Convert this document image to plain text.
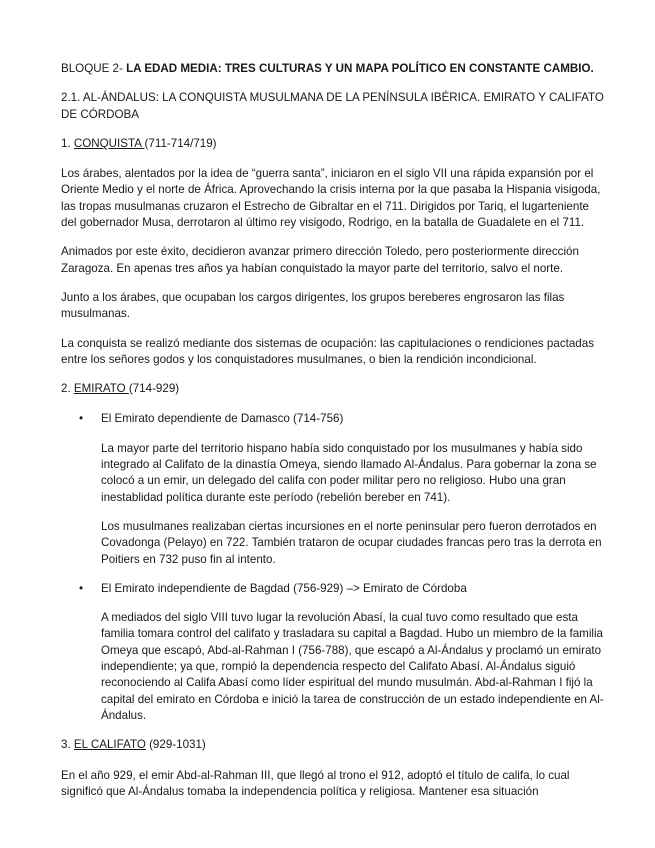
BLOQUE 2- LA EDAD MEDIA: TRES CULTURAS Y UN MAPA POLÍTICO EN CONSTANTE CAMBIO.

2.1. AL-ÁNDALUS: LA CONQUISTA MUSULMANA DE LA PENÍNSULA IBÉRICA. EMIRATO Y CALIFATO DE CÓRDOBA

1. CONQUISTA (711-714/719)

Los árabes, alentados por la idea de “guerra santa”, iniciaron en el siglo VII una rápida expansión por el Oriente Medio y el norte de África. Aprovechando la crisis interna por la que pasaba la Hispania visigoda, las tropas musulmanas cruzaron el Estrecho de Gibraltar en el 711. Dirigidos por Tariq, el lugarteniente del gobernador Musa, derrotaron al último rey visigodo, Rodrigo, en la batalla de Guadalete en el 711.

Animados por este éxito, decidieron avanzar primero dirección Toledo, pero posteriormente dirección Zaragoza. En apenas tres años ya habían conquistado la mayor parte del territorio, salvo el norte.

Junto a los árabes, que ocupaban los cargos dirigentes, los grupos bereberes engrosaron las filas musulmanas.

La conquista se realizó mediante dos sistemas de ocupación: las capitulaciones o rendiciones pactadas entre los señores godos y los conquistadores musulmanes, o bien la rendición incondicional.

2. EMIRATO (714-929)

• El Emirato dependiente de Damasco (714-756)

La mayor parte del territorio hispano había sido conquistado por los musulmanes y había sido integrado al Califato de la dinastía Omeya, siendo llamado Al-Ándalus. Para gobernar la zona se colocó a un emir, un delegado del califa con poder militar pero no religioso. Hubo una gran inestablidad política durante este período (rebelión bereber en 741).

Los musulmanes realizaban ciertas incursiones en el norte peninsular pero fueron derrotados en Covadonga (Pelayo) en 722. También trataron de ocupar ciudades francas pero tras la derrota en Poitiers en 732 puso fin al intento.

• El Emirato independiente de Bagdad (756-929) –> Emirato de Córdoba

A mediados del siglo VIII tuvo lugar la revolución Abasí, la cual tuvo como resultado que esta familia tomara control del califato y trasladara su capital a Bagdad. Hubo un miembro de la familia Omeya que escapó, Abd-al-Rahman I (756-788), que escapó a Al-Ándalus y proclamó un emirato independiente; ya que, rompió la dependencia respecto del Califato Abasí. Al-Ándalus siguió reconociendo al Califa Abasí como líder espiritual del mundo musulmán. Abd-al-Rahman I fijó la capital del emirato en Córdoba e inició la tarea de construcción de un estado independiente en Al-Ándalus.

3. EL CALIFATO (929-1031)

En el año 929, el emir Abd-al-Rahman III, que llegó al trono el 912, adoptó el título de califa, lo cual significó que Al-Ándalus tomaba la independencia política y religiosa. Mantener esa situación
